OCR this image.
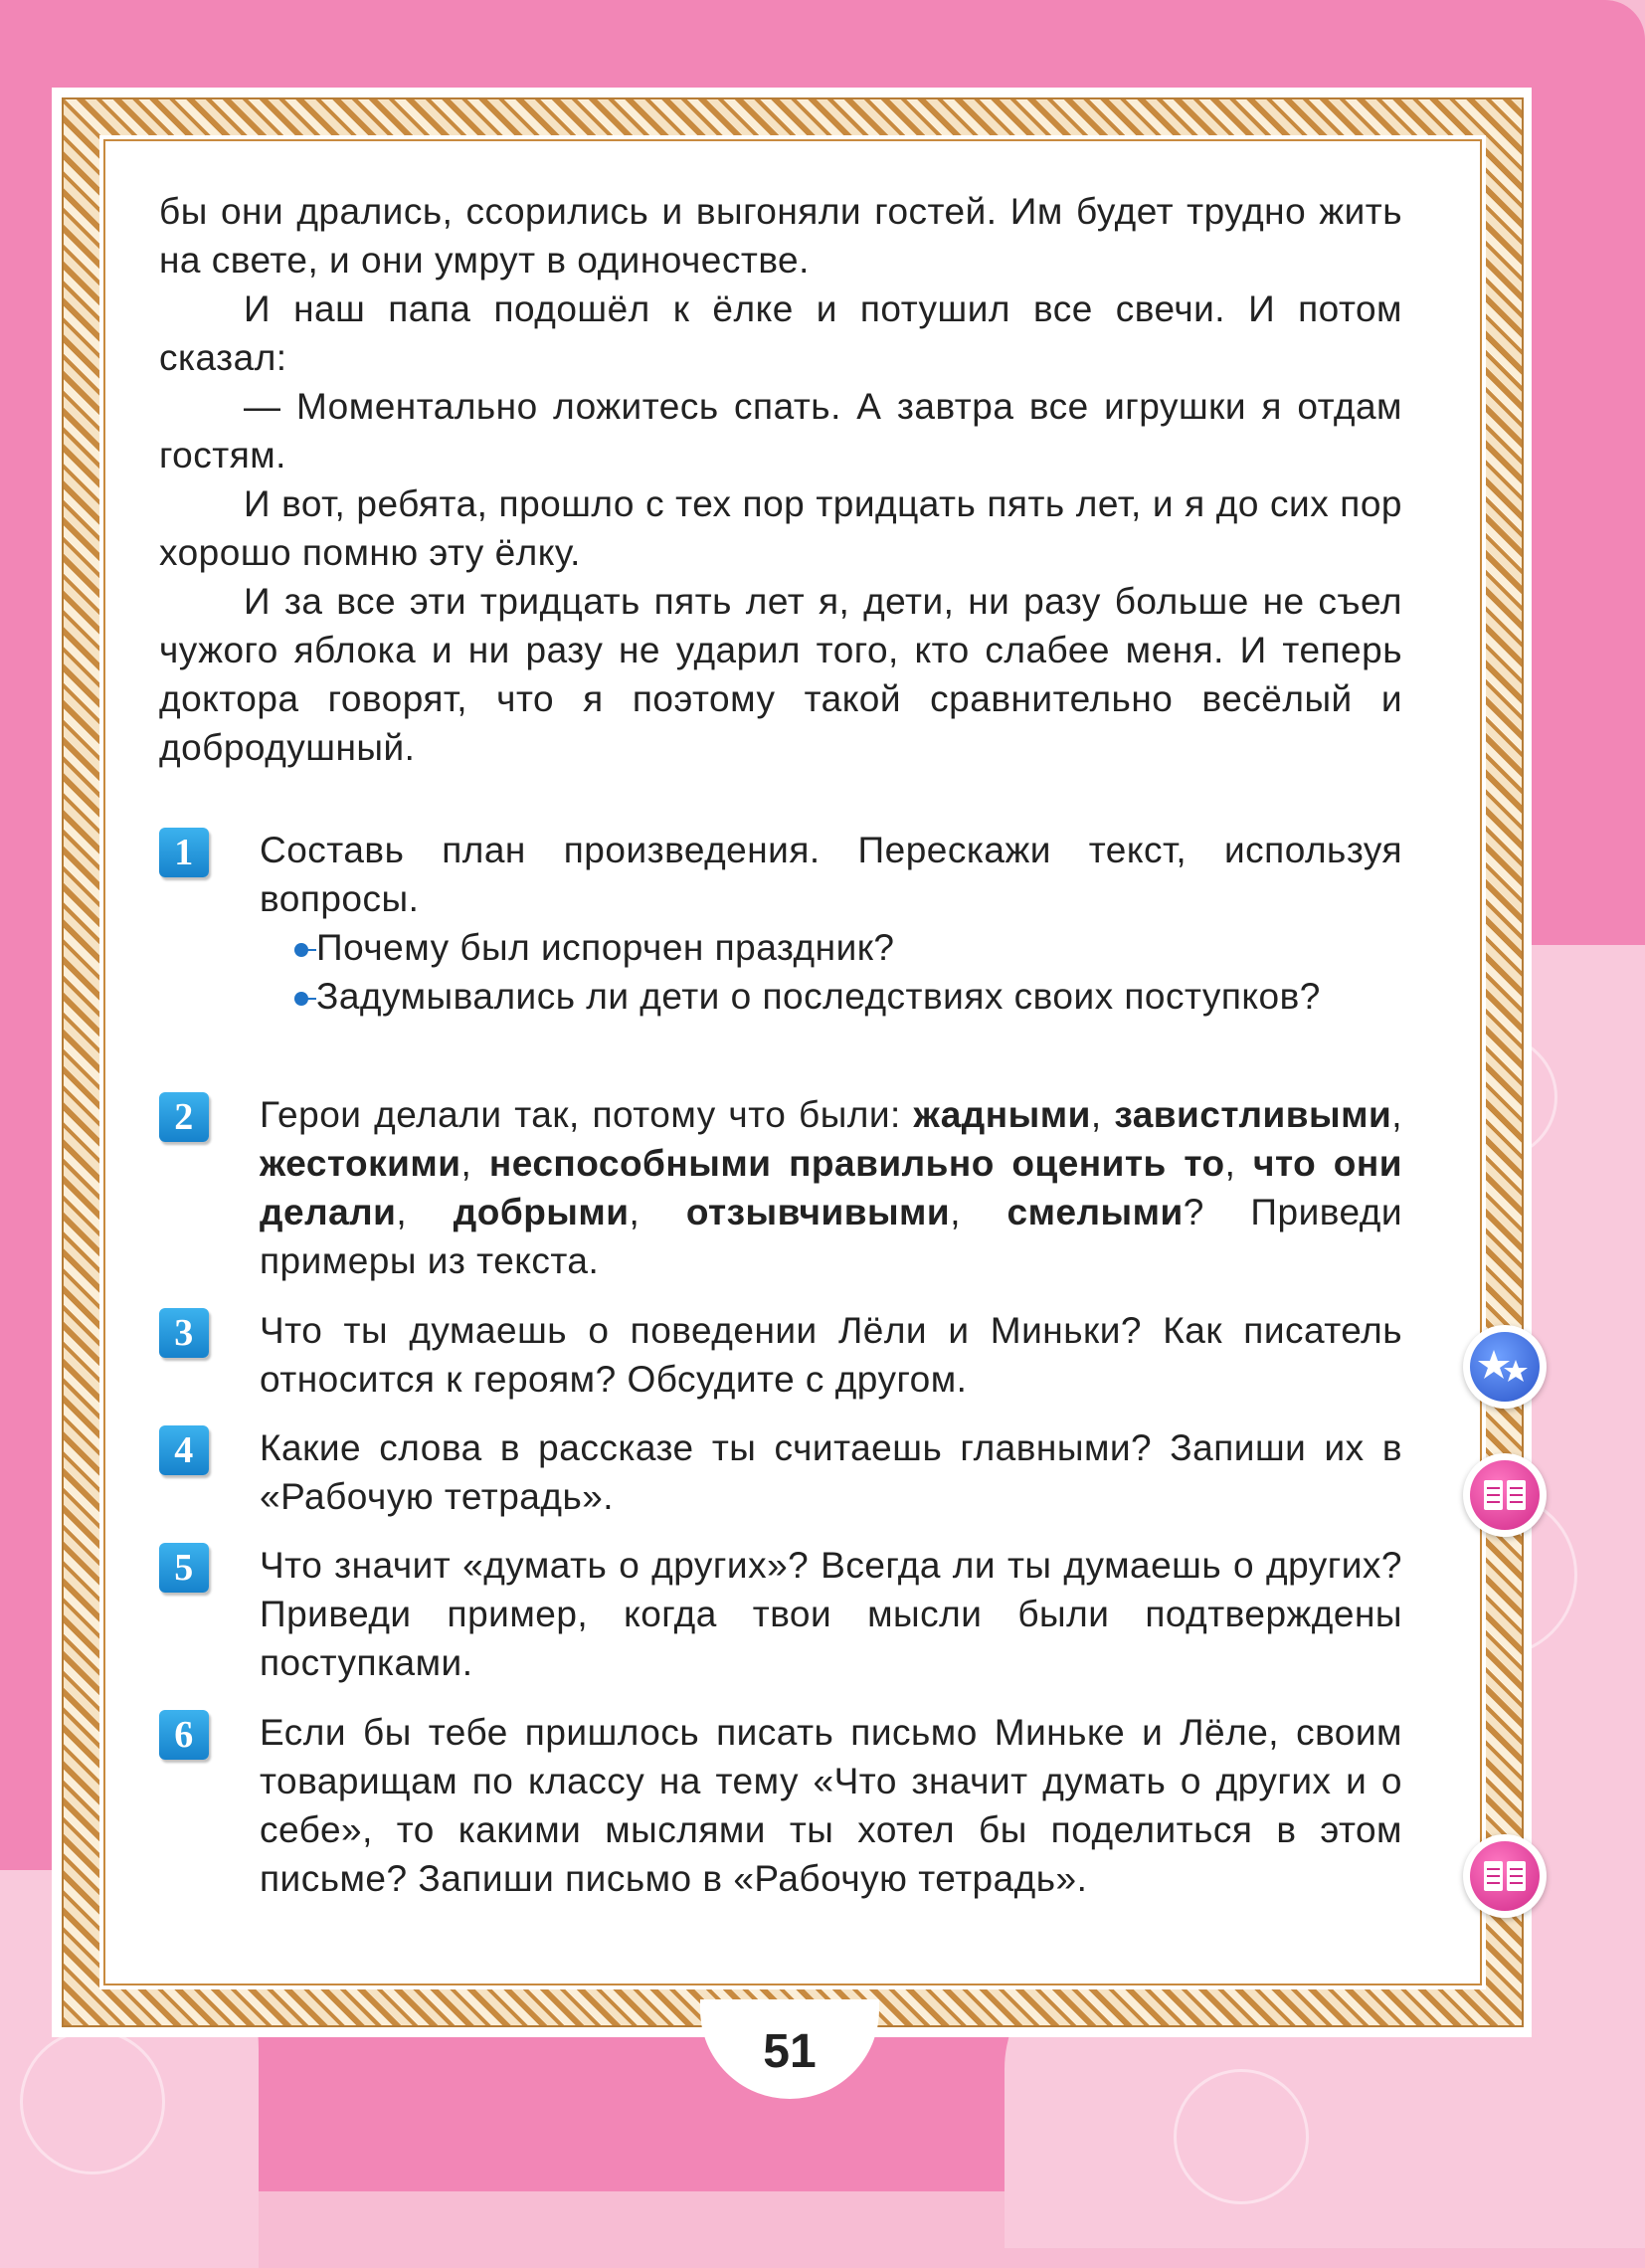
бы они дрались, ссорились и выгоняли гостей. Им будет трудно жить на свете, и они умрут в одиночестве.

И наш папа подошёл к ёлке и потушил все свечи. И потом сказал:

— Моментально ложитесь спать. А завтра все игрушки я отдам гостям.

И вот, ребята, прошло с тех пор тридцать пять лет, и я до сих пор хорошо помню эту ёлку.

И за все эти тридцать пять лет я, дети, ни разу больше не съел чужого яблока и ни разу не ударил того, кто слабее меня. И теперь доктора говорят, что я поэтому такой сравнительно весёлый и добродушный.

1	Составь план произведения. Перескажи текст, используя вопросы.
Почему был испорчен праздник?
Задумывались ли дети о последствиях своих поступков?
2	Герои делали так, потому что были: жадными, завистливыми, жестокими, неспособными правильно оценить то, что они делали, добрыми, отзывчивыми, смелыми? Приведи примеры из текста.
3	Что ты думаешь о поведении Лёли и Миньки? Как писатель относится к героям? Обсудите с другом.
4	Какие слова в рассказе ты считаешь главными? Запиши их в «Рабочую тетрадь».
5	Что значит «думать о других»? Всегда ли ты думаешь о других? Приведи пример, когда твои мысли были подтверждены поступками.
6	Если бы тебе пришлось писать письмо Миньке и Лёле, своим товарищам по классу на тему «Что значит думать о других и о себе», то какими мыслями ты хотел бы поделиться в этом письме? Запиши письмо в «Рабочую тетрадь».
51
